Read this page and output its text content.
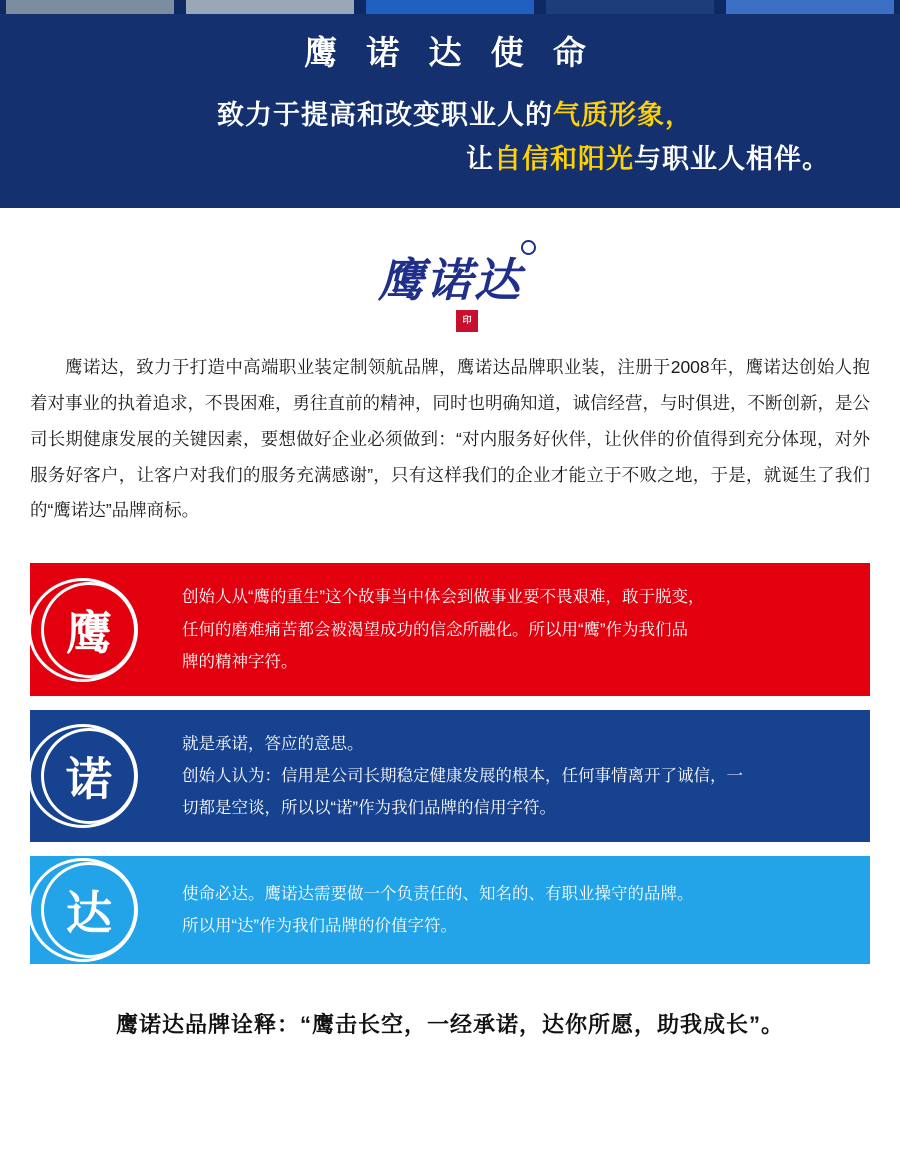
鹰 诺 达 使 命
致力于提高和改变职业人的气质形象，
让自信和阳光与职业人相伴。
鹰诺达
印
鹰诺达，致力于打造中高端职业装定制领航品牌，鹰诺达品牌职业装，注册于2008年，鹰诺达创始人抱着对事业的执着追求，不畏困难，勇往直前的精神，同时也明确知道，诚信经营，与时俱进，不断创新，是公司长期健康发展的关键因素，要想做好企业必须做到：“对内服务好伙伴，让伙伴的价值得到充分体现，对外服务好客户，让客户对我们的服务充满感谢”，只有这样我们的企业才能立于不败之地，于是，就诞生了我们的“鹰诺达”品牌商标。
鹰

创始人从“鹰的重生”这个故事当中体会到做事业要不畏艰难，敢于脱变，

任何的磨难痛苦都会被渴望成功的信念所融化。所以用“鹰”作为我们品

牌的精神字符。

诺

就是承诺，答应的意思。

创始人认为：信用是公司长期稳定健康发展的根本，任何事情离开了诚信，一

切都是空谈，所以以“诺”作为我们品牌的信用字符。

达	使命必达。鹰诺达需要做一个负责任的、知名的、有职业操守的品牌。

所以用“达”作为我们品牌的价值字符。

鹰诺达品牌诠释：“鹰击长空，一经承诺，达你所愿，助我成长”。
